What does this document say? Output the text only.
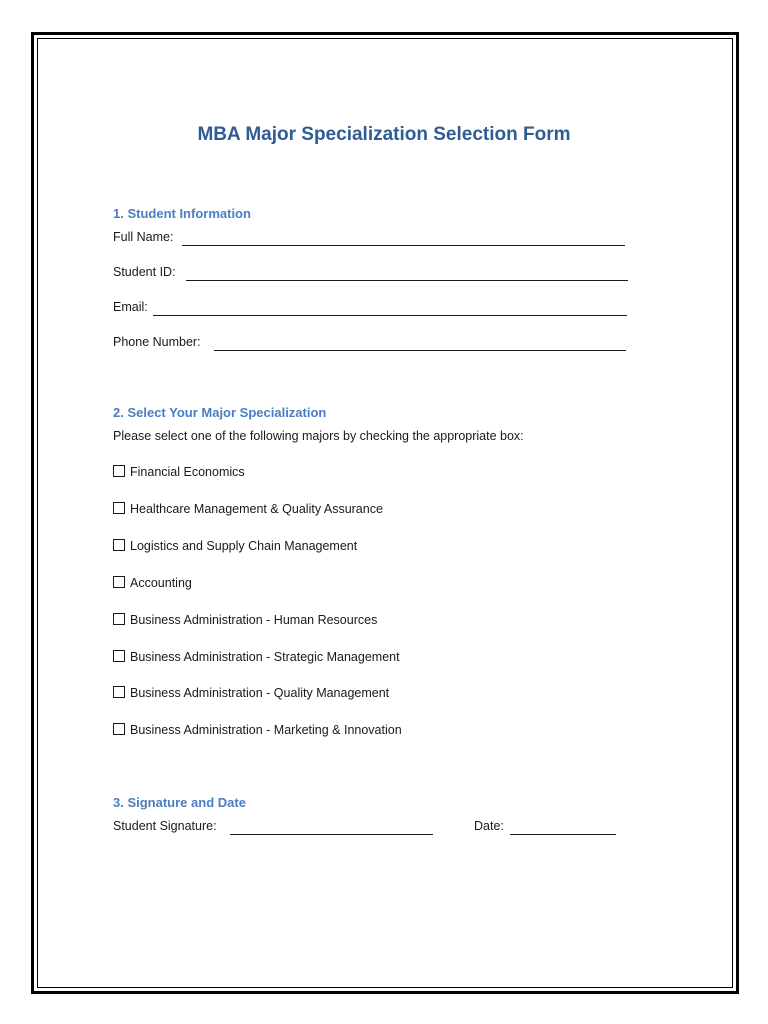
MBA Major Specialization Selection Form
1. Student Information
Full Name:
Student ID:
Email:
Phone Number:
2. Select Your Major Specialization
Please select one of the following majors by checking the appropriate box:
Financial Economics
Healthcare Management & Quality Assurance
Logistics and Supply Chain Management
Accounting
Business Administration - Human Resources
Business Administration - Strategic Management
Business Administration - Quality Management
Business Administration - Marketing & Innovation
3. Signature and Date
Student Signature:	Date:
